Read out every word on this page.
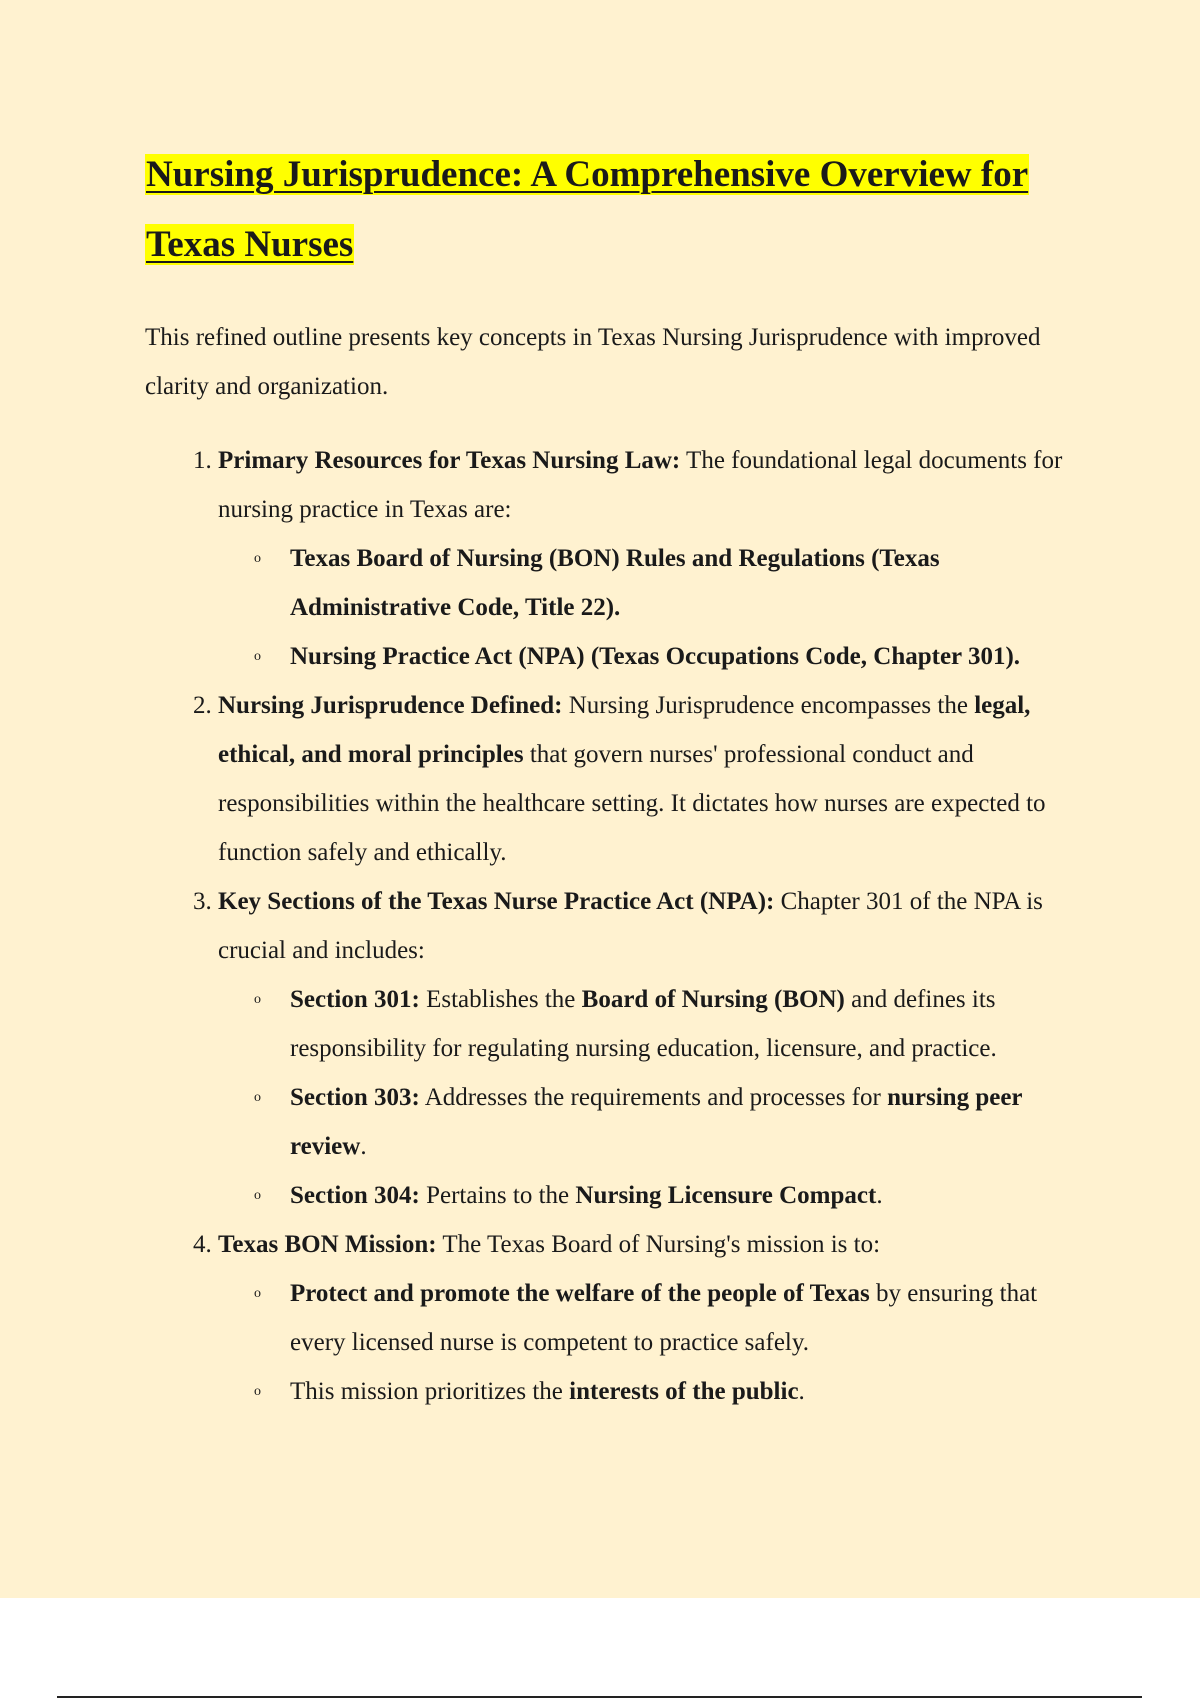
Nursing Jurisprudence: A Comprehensive Overview for Texas Nurses

This refined outline presents key concepts in Texas Nursing Jurisprudence with improved clarity and organization.

1. Primary Resources for Texas Nursing Law: The foundational legal documents for nursing practice in Texas are:
o Texas Board of Nursing (BON) Rules and Regulations (Texas Administrative Code, Title 22).
o Nursing Practice Act (NPA) (Texas Occupations Code, Chapter 301).
2. Nursing Jurisprudence Defined: Nursing Jurisprudence encompasses the legal, ethical, and moral principles that govern nurses' professional conduct and responsibilities within the healthcare setting. It dictates how nurses are expected to function safely and ethically.
3. Key Sections of the Texas Nurse Practice Act (NPA): Chapter 301 of the NPA is crucial and includes:
o Section 301: Establishes the Board of Nursing (BON) and defines its responsibility for regulating nursing education, licensure, and practice.
o Section 303: Addresses the requirements and processes for nursing peer review.
o Section 304: Pertains to the Nursing Licensure Compact.
4. Texas BON Mission: The Texas Board of Nursing's mission is to:
o Protect and promote the welfare of the people of Texas by ensuring that every licensed nurse is competent to practice safely.
o This mission prioritizes the interests of the public.
